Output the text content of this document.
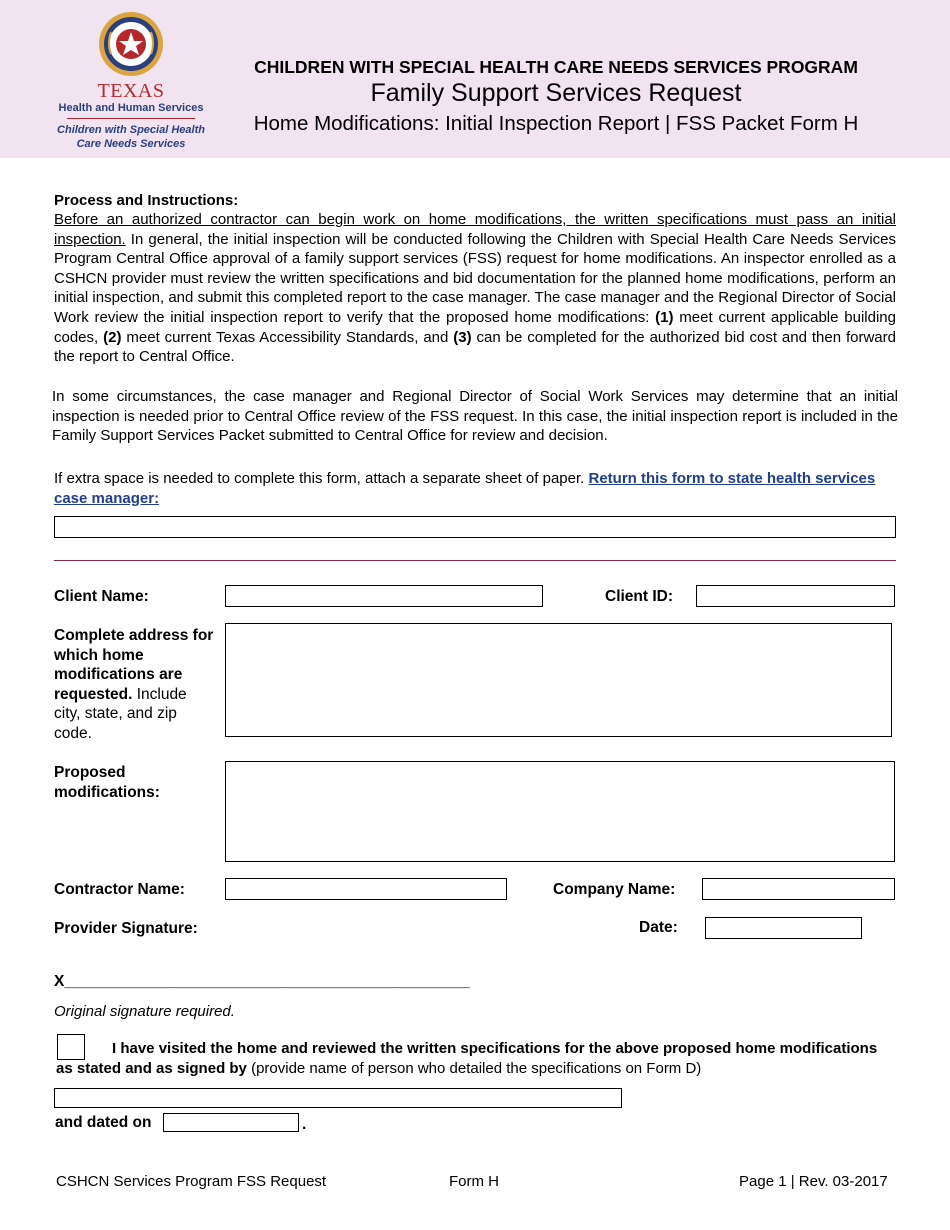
TEXAS
Health and Human Services
Children with Special Health
Care Needs Services
CHILDREN WITH SPECIAL HEALTH CARE NEEDS SERVICES PROGRAM
Family Support Services Request
Home Modifications: Initial Inspection Report | FSS Packet Form H
Process and Instructions:
Before an authorized contractor can begin work on home modifications, the written specifications must pass an initial inspection. In general, the initial inspection will be conducted following the Children with Special Health Care Needs Services Program Central Office approval of a family support services (FSS) request for home modifications. An inspector enrolled as a CSHCN provider must review the written specifications and bid documentation for the planned home modifications, perform an initial inspection, and submit this completed report to the case manager. The case manager and the Regional Director of Social Work review the initial inspection report to verify that the proposed home modifications: (1) meet current applicable building codes, (2) meet current Texas Accessibility Standards, and (3) can be completed for the authorized bid cost and then forward the report to Central Office.
In some circumstances, the case manager and Regional Director of Social Work Services may determine that an initial inspection is needed prior to Central Office review of the FSS request. In this case, the initial inspection report is included in the Family Support Services Packet submitted to Central Office for review and decision.
If extra space is needed to complete this form, attach a separate sheet of paper. Return this form to state health services case manager:
Client Name:	Client ID:
Complete address for which home modifications are requested. Include city, state, and zip code.
Proposed modifications:
Contractor Name:	Company Name:
Provider Signature:	Date:
X_______________________________________________
Original signature required.
I have visited the home and reviewed the written specifications for the above proposed home modifications as stated and as signed by (provide name of person who detailed the specifications on Form D)
and dated on	.
CSHCN Services Program FSS Request	Form H	Page 1 | Rev. 03-2017
